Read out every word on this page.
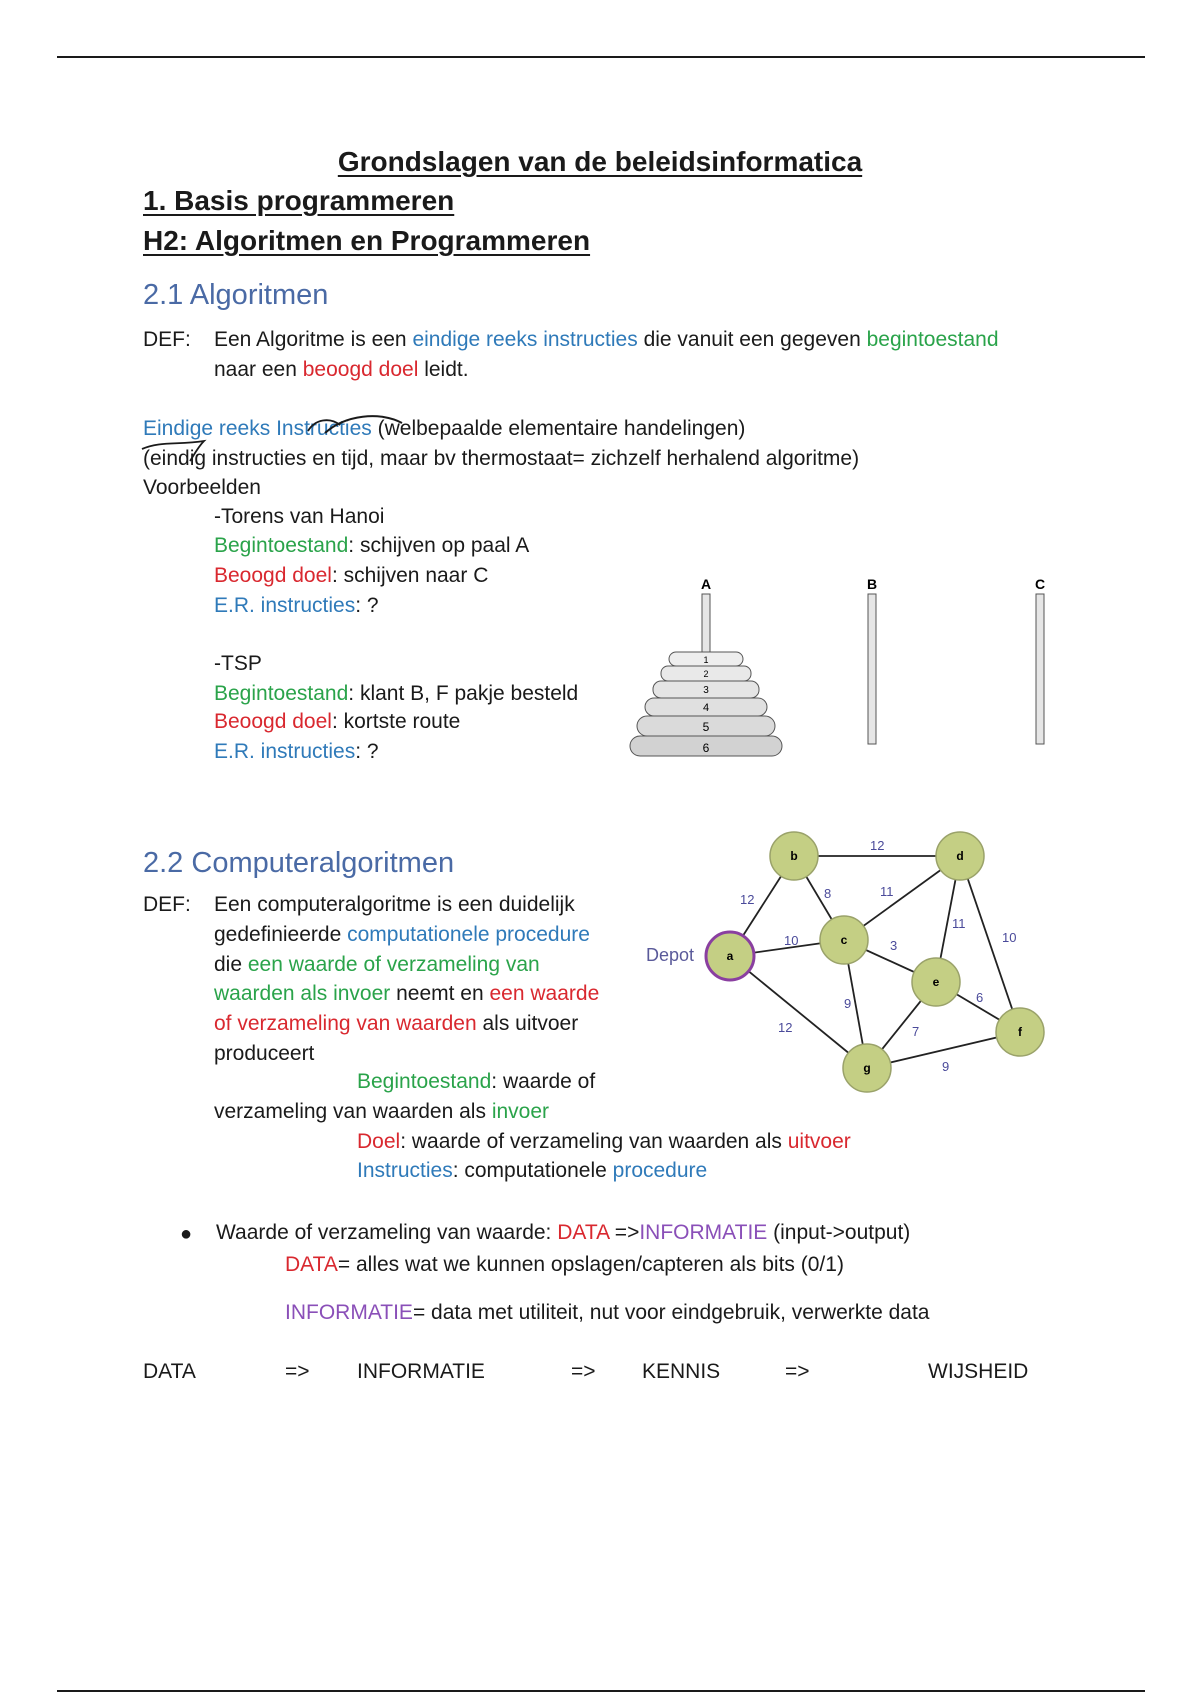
Grondslagen van de beleidsinformatica
1. Basis programmeren
H2: Algoritmen en Programmeren
2.1 Algoritmen
DEF: Een Algoritme is een eindige reeks instructies die vanuit een gegeven begintoestand
naar een beoogd doel leidt.
Eindige reeks Instructies (welbepaalde elementaire handelingen)
(eindig instructies en tijd, maar bv thermostaat= zichzelf herhalend algoritme)
Voorbeelden
-Torens van Hanoi
Begintoestand: schijven op paal A
Beoogd doel: schijven naar C
E.R. instructies: ?
-TSP
Begintoestand: klant B, F pakje besteld
Beoogd doel: kortste route
E.R. instructies: ?
A	B	C
6
5
4
3
2
1
2.2 Computeralgoritmen
DEF: Een computeralgoritme is een duidelijk
gedefinieerde computationele procedure
die een waarde of verzameling van
waarden als invoer neemt en een waarde
of verzameling van waarden als uitvoer
produceert
Begintoestand: waarde of
verzameling van waarden als invoer
Doel: waarde of verzameling van waarden als uitvoer
Instructies: computationele procedure
12
12	8	11
10	3
11
10
9	6
12	7
9
Depot	a
b
c
d
e
f
g
● Waarde of verzameling van waarde: DATA =>INFORMATIE (input->output)
DATA= alles wat we kunnen opslagen/capteren als bits (0/1)
INFORMATIE= data met utiliteit, nut voor eindgebruik, verwerkte data
DATA	=> INFORMATIE	=> KENNIS	=>	WIJSHEID
